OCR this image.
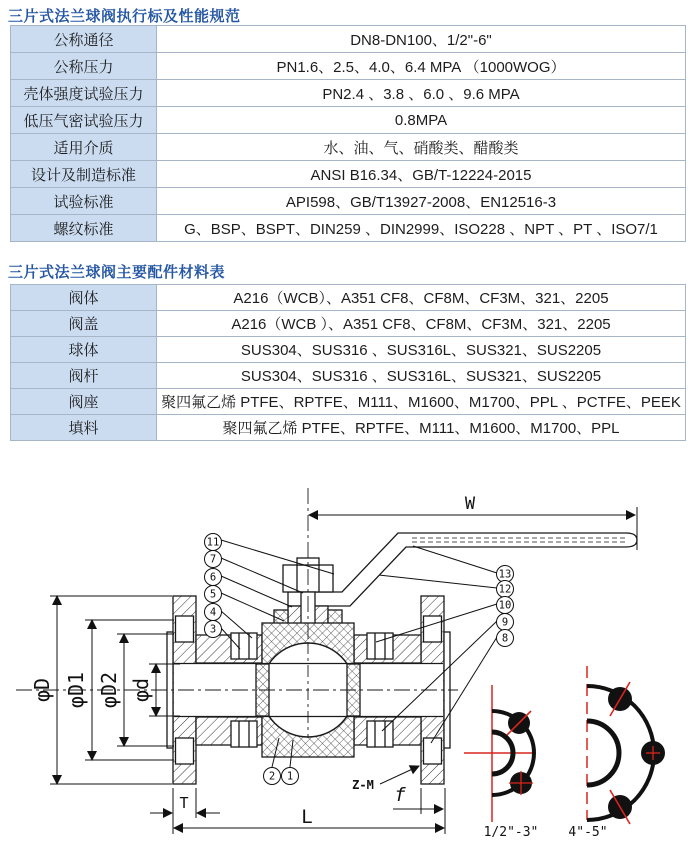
三片式法兰球阀执行标及性能规范
公称通径	DN8-DN100、1/2"-6"
公称压力	PN1.6、2.5、4.0、6.4 MPA （1000WOG）
壳体强度试验压力	PN2.4 、3.8 、6.0 、9.6 MPA
低压气密试验压力	0.8MPA
适用介质	水、油、气、硝酸类、醋酸类
设计及制造标准	ANSI B16.34、GB/T-12224-2015
试验标准	API598、GB/T13927-2008、EN12516-3
螺纹标准	G、BSP、BSPT、DIN259 、DIN2999、ISO228 、NPT 、PT 、ISO7/1
三片式法兰球阀主要配件材料表
阀体	A216（WCB）、A351 CF8、CF8M、CF3M、321、2205
阀盖	A216（WCB ）、A351 CF8、CF8M、CF3M、321、2205
球体	SUS304、SUS316 、SUS316L、SUS321、SUS2205
阀杆	SUS304、SUS316 、SUS316L、SUS321、SUS2205
阀座	聚四氟乙烯 PTFE、RPTFE、M111、M1600、M1700、PPL 、PCTFE、PEEK
填料	聚四氟乙烯 PTFE、RPTFE、M111、M1600、M1700、PPL
W
φD φD1 φD2 φd
T
L
f
Z-M
11
7
6
5
4
3
13
12
10
9
8
2 1
1/2"-3" 4"-5"
